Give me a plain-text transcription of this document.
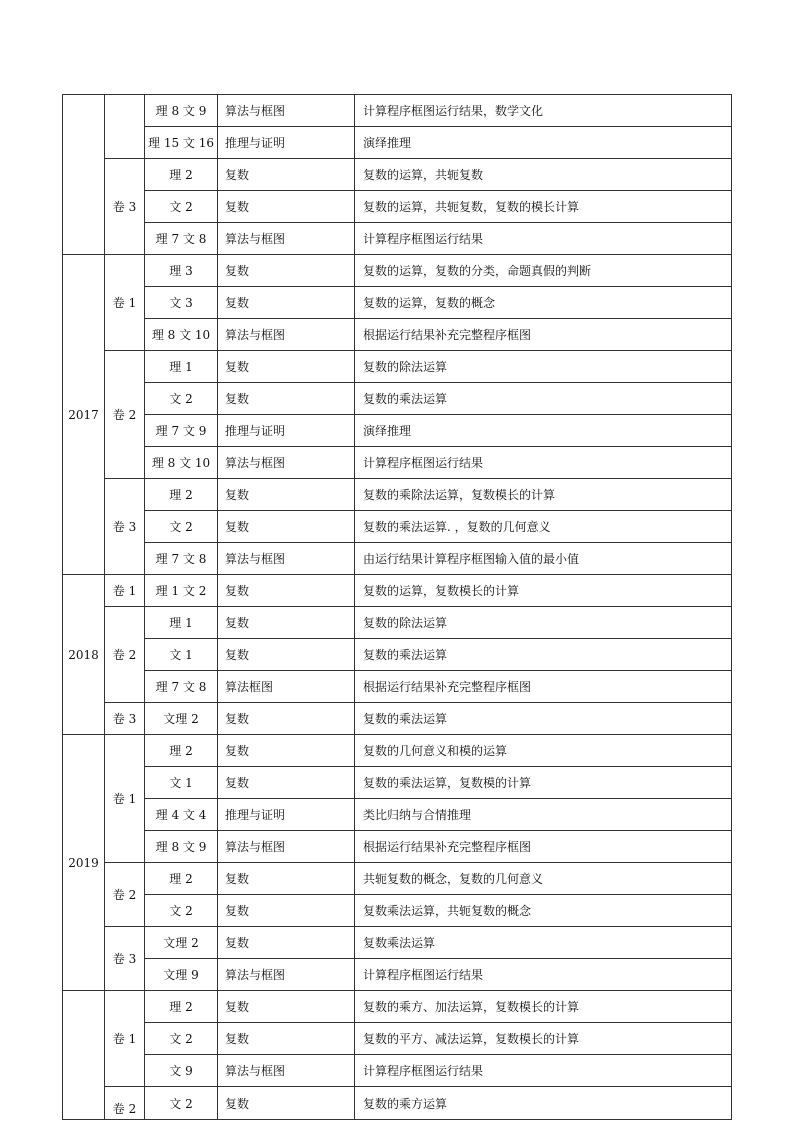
		理 8 文 9	算法与框图	计算程序框图运行结果，数学文化
		理 15 文 16	推理与证明	演绎推理
	卷 3	理 2	复数	复数的运算，共轭复数
		文 2	复数	复数的运算，共轭复数，复数的模长计算
		理 7 文 8	算法与框图	计算程序框图运行结果
2017	卷 1	理 3	复数	复数的运算，复数的分类，命题真假的判断
		文 3	复数	复数的运算，复数的概念
		理 8 文 10	算法与框图	根据运行结果补充完整程序框图
	卷 2	理 1	复数	复数的除法运算
		文 2	复数	复数的乘法运算
		理 7 文 9	推理与证明	演绎推理
		理 8 文 10	算法与框图	计算程序框图运行结果
	卷 3	理 2	复数	复数的乘除法运算，复数模长的计算
		文 2	复数	复数的乘法运算. ，复数的几何意义
		理 7 文 8	算法与框图	由运行结果计算程序框图输入值的最小值
2018	卷 1	理 1 文 2	复数	复数的运算，复数模长的计算
	卷 2	理 1	复数	复数的除法运算
		文 1	复数	复数的乘法运算
		理 7 文 8	算法框图	根据运行结果补充完整程序框图
	卷 3	文理 2	复数	复数的乘法运算
2019	卷 1	理 2	复数	复数的几何意义和模的运算
		文 1	复数	复数的乘法运算，复数模的计算
		理 4 文 4	推理与证明	类比归纳与合情推理
		理 8 文 9	算法与框图	根据运行结果补充完整程序框图
	卷 2	理 2	复数	共轭复数的概念，复数的几何意义
		文 2	复数	复数乘法运算，共轭复数的概念
	卷 3	文理 2	复数	复数乘法运算
		文理 9	算法与框图	计算程序框图运行结果
	卷 1	理 2	复数	复数的乘方、加法运算，复数模长的计算
		文 2	复数	复数的平方、减法运算，复数模长的计算
		文 9	算法与框图	计算程序框图运行结果
	卷 2	文 2	复数	复数的乘方运算
